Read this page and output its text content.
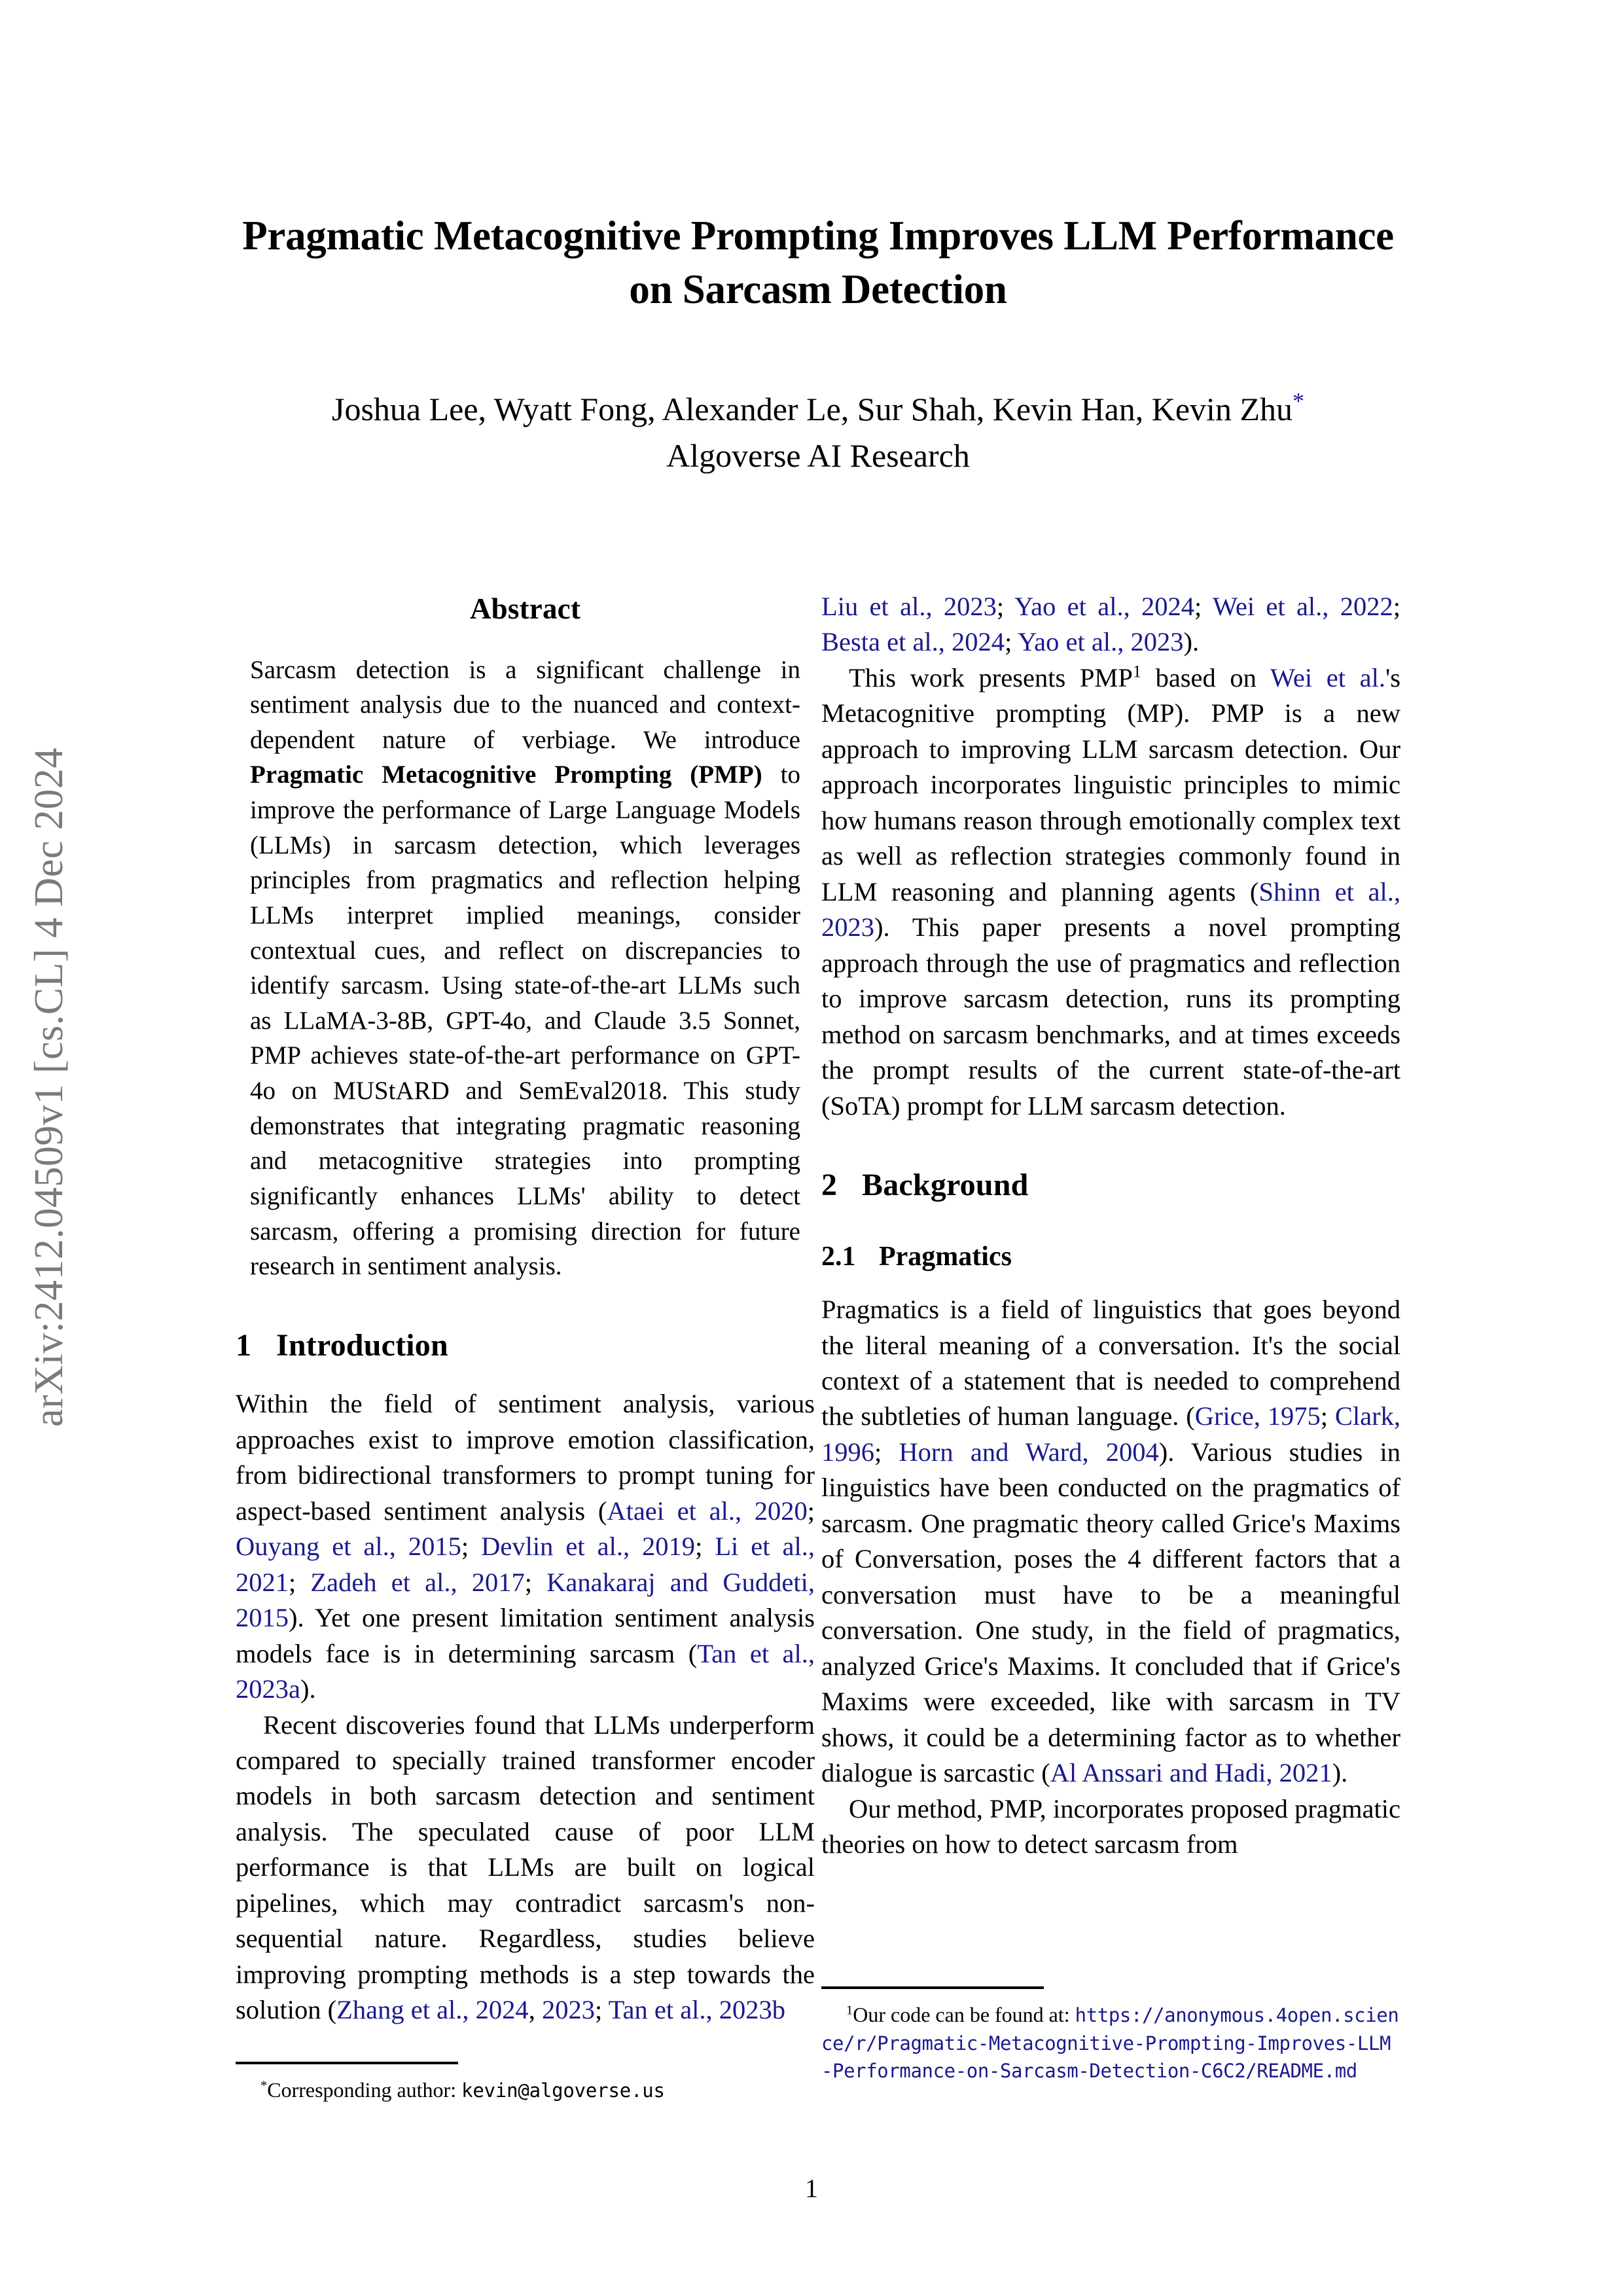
arXiv:2412.04509v1 [cs.CL] 4 Dec 2024
Pragmatic Metacognitive Prompting Improves LLM Performance on Sarcasm Detection

Joshua Lee, Wyatt Fong, Alexander Le, Sur Shah, Kevin Han, Kevin Zhu*

Algoverse AI Research

Abstract

Sarcasm detection is a significant challenge in sentiment analysis due to the nuanced and context-dependent nature of verbiage. We introduce Pragmatic Metacognitive Prompting (PMP) to improve the performance of Large Language Models (LLMs) in sarcasm detection, which leverages principles from pragmatics and reflection helping LLMs interpret implied meanings, consider contextual cues, and reflect on discrepancies to identify sarcasm. Using state-of-the-art LLMs such as LLaMA-3-8B, GPT-4o, and Claude 3.5 Sonnet, PMP achieves state-of-the-art performance on GPT-4o on MUStARD and SemEval2018. This study demonstrates that integrating pragmatic reasoning and metacognitive strategies into prompting significantly enhances LLMs' ability to detect sarcasm, offering a promising direction for future research in sentiment analysis.

1 Introduction

Within the field of sentiment analysis, various approaches exist to improve emotion classification, from bidirectional transformers to prompt tuning for aspect-based sentiment analysis (Ataei et al., 2020; Ouyang et al., 2015; Devlin et al., 2019; Li et al., 2021; Zadeh et al., 2017; Kanakaraj and Guddeti, 2015). Yet one present limitation sentiment analysis models face is in determining sarcasm (Tan et al., 2023a).

Recent discoveries found that LLMs underperform compared to specially trained transformer encoder models in both sarcasm detection and sentiment analysis. The speculated cause of poor LLM performance is that LLMs are built on logical pipelines, which may contradict sarcasm's non-sequential nature. Regardless, studies believe improving prompting methods is a step towards the solution (Zhang et al., 2024, 2023; Tan et al., 2023b

Liu et al., 2023; Yao et al., 2024; Wei et al., 2022; Besta et al., 2024; Yao et al., 2023).

This work presents PMP$^1$ based on Wei et al.'s Metacognitive prompting (MP). PMP is a new approach to improving LLM sarcasm detection. Our approach incorporates linguistic principles to mimic how humans reason through emotionally complex text as well as reflection strategies commonly found in LLM reasoning and planning agents (Shinn et al., 2023). This paper presents a novel prompting approach through the use of pragmatics and reflection to improve sarcasm detection, runs its prompting method on sarcasm benchmarks, and at times exceeds the prompt results of the current state-of-the-art (SoTA) prompt for LLM sarcasm detection.

2 Background
2.1 Pragmatics

Pragmatics is a field of linguistics that goes beyond the literal meaning of a conversation. It's the social context of a statement that is needed to comprehend the subtleties of human language. (Grice, 1975; Clark, 1996; Horn and Ward, 2004). Various studies in linguistics have been conducted on the pragmatics of sarcasm. One pragmatic theory called Grice's Maxims of Conversation, poses the 4 different factors that a conversation must have to be a meaningful conversation. One study, in the field of pragmatics, analyzed Grice's Maxims. It concluded that if Grice's Maxims were exceeded, like with sarcasm in TV shows, it could be a determining factor as to whether dialogue is sarcastic (Al Anssari and Hadi, 2021).

Our method, PMP, incorporates proposed pragmatic theories on how to detect sarcasm from

*Corresponding author: kevin@algoverse.us

$^1$Our code can be found at: https://anonymous.4open.science/r/Pragmatic-Metacognitive-Prompting-Improves-LLM-Performance-on-Sarcasm-Detection-C6C2/README.md

1
